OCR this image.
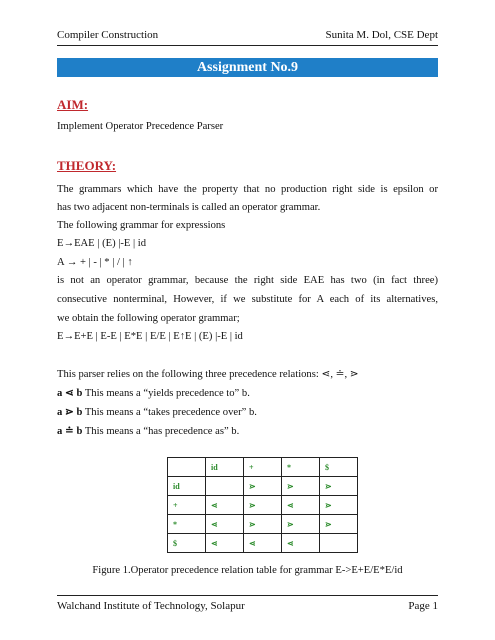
Compiler Construction	Sunita M. Dol, CSE Dept
Assignment No.9
AIM:
Implement Operator Precedence Parser
THEORY:
The grammars which have the property that no production right side is epsilon or
has two adjacent non-terminals is called an operator grammar.
The following grammar for expressions
E→EAE | (E) |-E | id
A → + | - | * | / | ↑
is not an operator grammar, because the right side EAE has two (in fact three)
consecutive nonterminal, However, if we substitute for A each of its alternatives,
we obtain the following operator grammar;
E→E+E | E-E | E*E | E/E | E↑E | (E) |-E | id
This parser relies on the following three precedence relations: ⋖, ≐, ⋗
a ⋖ b This means a “yields precedence to” b.
a ⋗ b This means a “takes precedence over” b.
a ≐ b This means a “has precedence as” b.
	id	+	*	$
id		⋗	⋗	⋗
+	⋖	⋗	⋖	⋗
*	⋖	⋗	⋗	⋗
$	⋖	⋖	⋖	
Figure 1.Operator precedence relation table for grammar E->E+E/E*E/id
Walchand Institute of Technology, Solapur	Page 1
